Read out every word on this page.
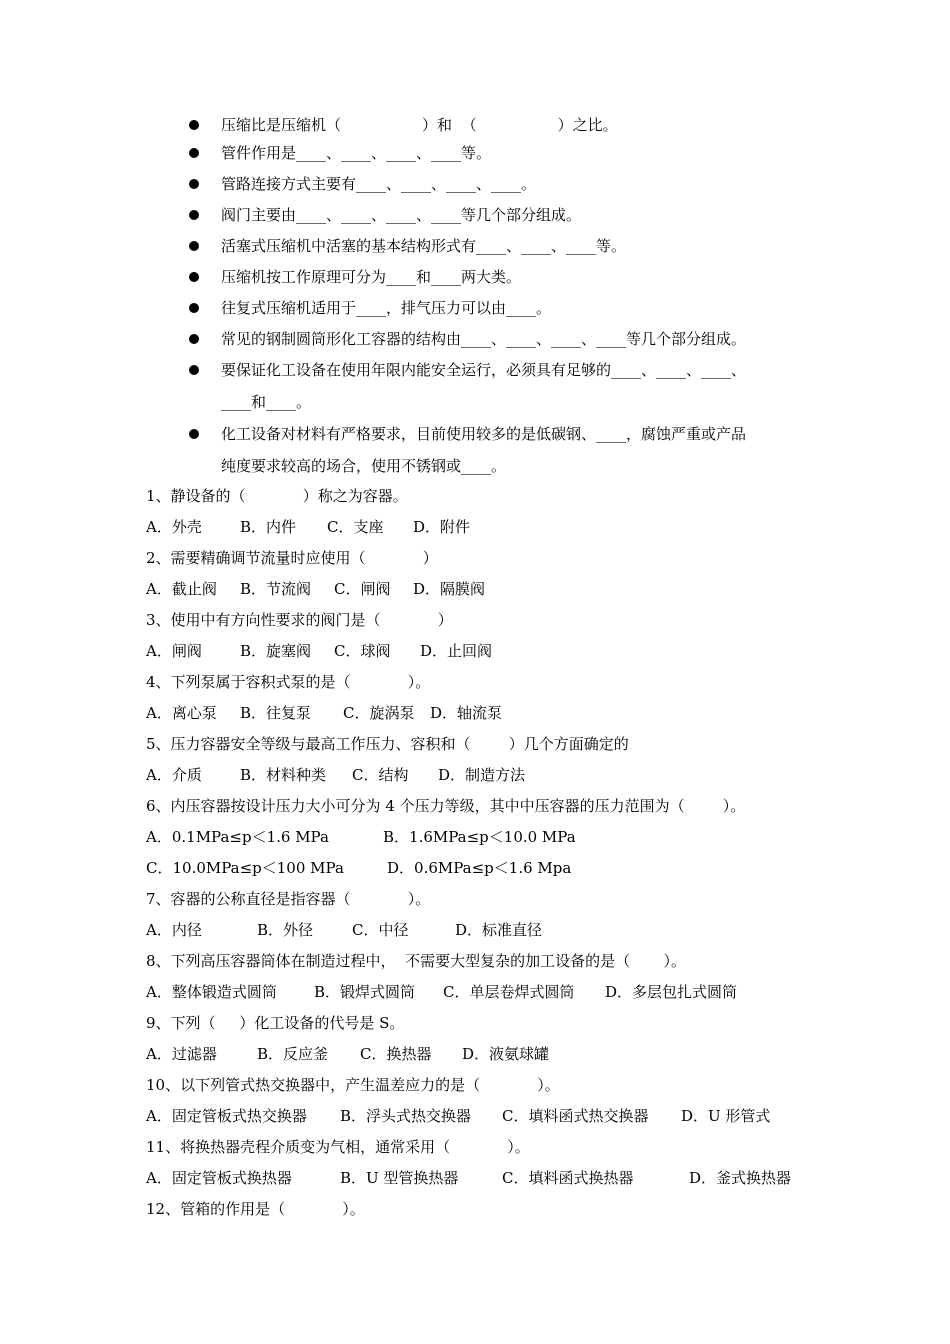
压缩比是压缩机（                 ）和  （                 ）之比。
管件作用是____、____、____、____等。
管路连接方式主要有____、____、____、____。
阀门主要由____、____、____、____等几个部分组成。
活塞式压缩机中活塞的基本结构形式有____、____、____等。
压缩机按工作原理可分为____和____两大类。
往复式压缩机适用于____，排气压力可以由____。
常见的钢制圆筒形化工容器的结构由____、____、____、____等几个部分组成。
要保证化工设备在使用年限内能安全运行，必须具有足够的____、____、____、
____和____。
化工设备对材料有严格要求，目前使用较多的是低碳钢、____，腐蚀严重或产品
纯度要求较高的场合，使用不锈钢或____。
1、静设备的（            ）称之为容器。
A．外壳	B．内件 C．支座 D．附件
2、需要精确调节流量时应使用（            ）
A．截止阀 B．节流阀 C．闸阀 D．隔膜阀
3、使用中有方向性要求的阀门是（            ）
A．闸阀	B．旋塞阀 C．球阀 D．止回阀
4、下列泵属于容积式泵的是（            ）。
A．离心泵 B．往复泵 C．旋涡泵 D．轴流泵
5、压力容器安全等级与最高工作压力、容积和（        ）几个方面确定的
A．介质	B．材料种类 C．结构 D．制造方法
6、内压容器按设计压力大小可分为 4 个压力等级，其中中压容器的压力范围为（        ）。
A．0.1MPa≤p＜1.6 MPa	B．1.6MPa≤p＜10.0 MPa
C．10.0MPa≤p＜100 MPa	D．0.6MPa≤p＜1.6 Mpa
7、容器的公称直径是指容器（            ）。
A．内径	B．外径	C．中径	D．标准直径
8、下列高压容器筒体在制造过程中，  不需要大型复杂的加工设备的是（       ）。
A．整体锻造式圆筒 B．锻焊式圆筒 C．单层卷焊式圆筒 D．多层包扎式圆筒
9、下列（     ）化工设备的代号是 S。
A．过滤器	B．反应釜 C．换热器 D．液氨球罐
10、以下列管式热交换器中，产生温差应力的是（            ）。
A．固定管板式热交换器 B．浮头式热交换器 C．填料函式热交换器 D．U 形管式
11、将换热器壳程介质变为气相，通常采用（            ）。
A．固定管板式换热器	B．U 型管换热器	C．填料函式换热器	D．釜式换热器
12、管箱的作用是（            ）。
